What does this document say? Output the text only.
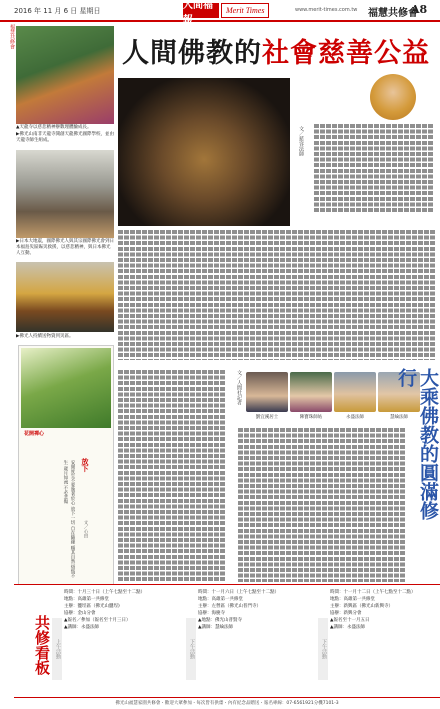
2016 年 11 月 6 日 星期日
人間福報
Merit Times	www.merit-times.com.tw 福慧共修會
A8
福慧共修會
▲天龍寺以慈悲精神辦數理體驗成長。
▶佛光山南非天龍寺開創天龍佛光國際學校，並由天龍寺師生組成。
▶日本大地震，國際佛光人與其宗國際佛光會到日本福島災區賑災救援，以慈悲精神，與日本佛光人互動。
▶佛光人持續送物資到災區。
人間佛教的 社會慈善公益
文／慈容法師
劉宜溪居士	陳寶珠師姑	永盛法師	慧綸法師
文／人間社記者	大乘佛教的圓滿修行
花開禪心
放下
安閒度生不要執著於心 放下一切 自在隨緣 順其自然 煩惱不生 歲月如流 不必悲傷
文／心田
共修看板 上午活動
時間：十月三十日（上午七點至十二點）
地點：高雄第一共修堂
主辦：鹽埕區（佛光山鹽埕)
協辦：金山分會
▲報名／參加（報名至十月三日）
▲講師：永盛法師
下午活動
時間：十一月六日（上午七點至十二點）
地點：高雄第一共修堂
主辦：左營區（佛光山普門寺）
協辦：海慶寺
▲地點：佛光山普賢寺
▲講師：慧綸法師
下午活動
時間：十一月十二日（上午七點至十二點）
地點：高雄第一共修堂
主辦：新興區（佛光山新興寺）
協辦：新興分會
▲報名至十一月五日
▲講師：永盛法師
佛光山福慧家園共修會・歡迎大眾參加・每次皆有供齋・內有紀念品贈送・報名專線：07-6561921分機7101-3
